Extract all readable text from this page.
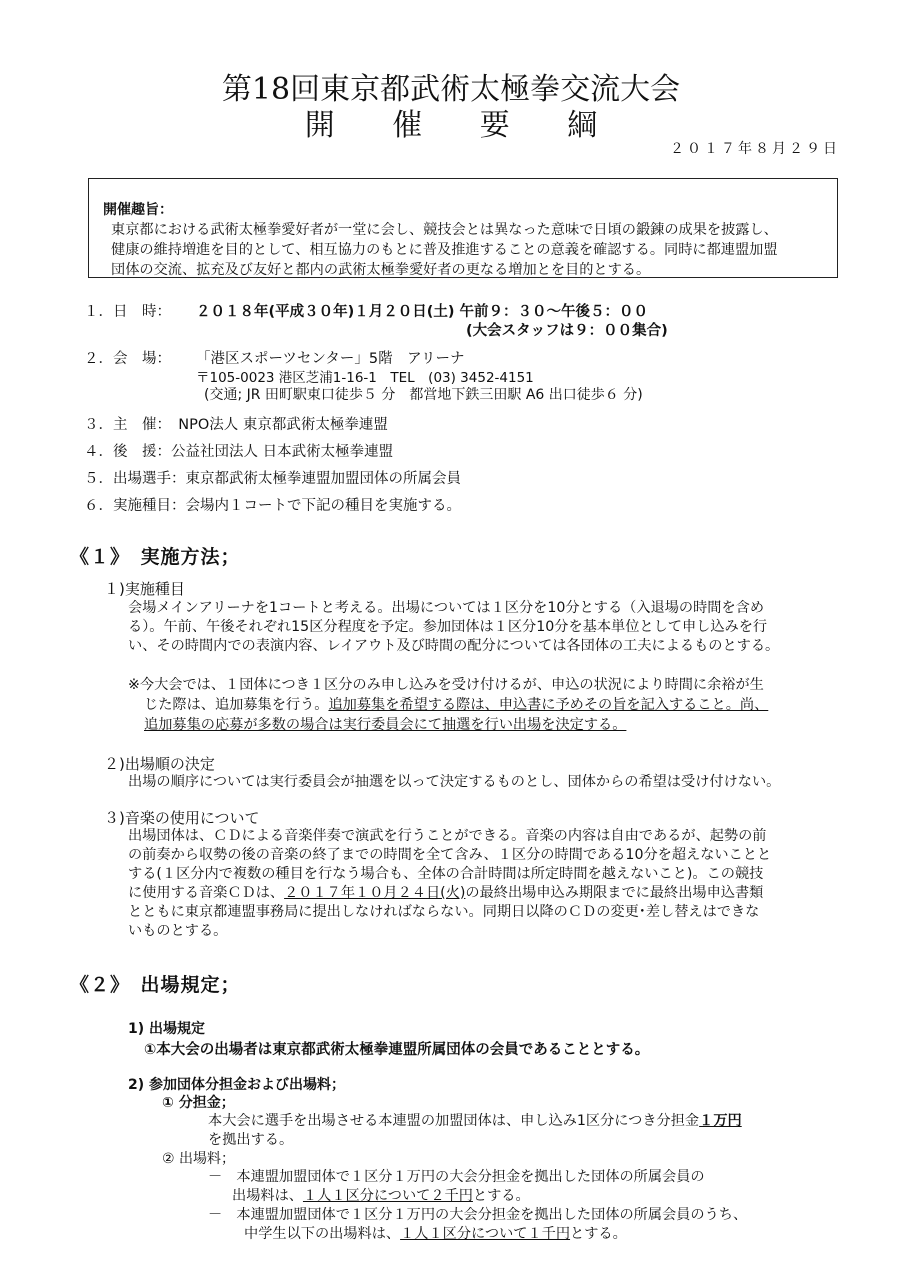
第18回東京都武術太極拳交流大会
開 催 要 綱
２０１７年８月２９日
開催趣旨：
東京都における武術太極拳愛好者が一堂に会し、競技会とは異なった意味で日頃の鍛錬の成果を披露し、
健康の維持増進を目的として、相互協力のもとに普及推進することの意義を確認する。同時に都連盟加盟
団体の交流、拡充及び友好と都内の武術太極拳愛好者の更なる増加とを目的とする。
１．日　時： ２０１８年(平成３０年)１月２０日(土) 午前９：３０〜午後５：００
(大会スタッフは９：００集合)
２．会　場： 「港区スポーツセンター」5階　アリーナ
〒105-0023 港区芝浦1-16-1　TEL　(03) 3452-4151
(交通; JR 田町駅東口徒歩５ 分　都営地下鉄三田駅 A6 出口徒歩６ 分)
３．主　催：　NPO法人 東京都武術太極拳連盟
４．後　援：公益社団法人 日本武術太極拳連盟
５．出場選手：東京都武術太極拳連盟加盟団体の所属会員
６．実施種目：会場内１コートで下記の種目を実施する。
《１》　実施方法；
１)実施種目
会場メインアリーナを1コートと考える。出場については１区分を10分とする（入退場の時間を含め
る）。午前、午後それぞれ15区分程度を予定。参加団体は１区分10分を基本単位として申し込みを行
い、その時間内での表演内容、レイアウト及び時間の配分については各団体の工夫によるものとする。
※今大会では、１団体につき１区分のみ申し込みを受け付けるが、申込の状況により時間に余裕が生
じた際は、追加募集を行う。追加募集を希望する際は、申込書に予めその旨を記入すること。尚、
追加募集の応募が多数の場合は実行委員会にて抽選を行い出場を決定する。
２)出場順の決定
出場の順序については実行委員会が抽選を以って決定するものとし、団体からの希望は受け付けない。
３)音楽の使用について
出場団体は、ＣＤによる音楽伴奏で演武を行うことができる。音楽の内容は自由であるが、起勢の前
の前奏から収勢の後の音楽の終了までの時間を全て含み、１区分の時間である10分を超えないことと
する(１区分内で複数の種目を行なう場合も、全体の合計時間は所定時間を越えないこと)。この競技
に使用する音楽ＣＤは、２０１７年１０月２４日(火)の最終出場申込み期限までに最終出場申込書類
とともに東京都連盟事務局に提出しなければならない。同期日以降のＣＤの変更･差し替えはできな
いものとする。
《２》　出場規定；
1) 出場規定
①本大会の出場者は東京都武術太極拳連盟所属団体の会員であることとする。
2) 参加団体分担金および出場料；
① 分担金；
本大会に選手を出場させる本連盟の加盟団体は、申し込み1区分につき分担金１万円
を拠出する。
② 出場料；
－　本連盟加盟団体で１区分１万円の大会分担金を拠出した団体の所属会員の
出場料は、１人１区分について２千円とする。
－　本連盟加盟団体で１区分１万円の大会分担金を拠出した団体の所属会員のうち、
中学生以下の出場料は、１人１区分について１千円とする。
